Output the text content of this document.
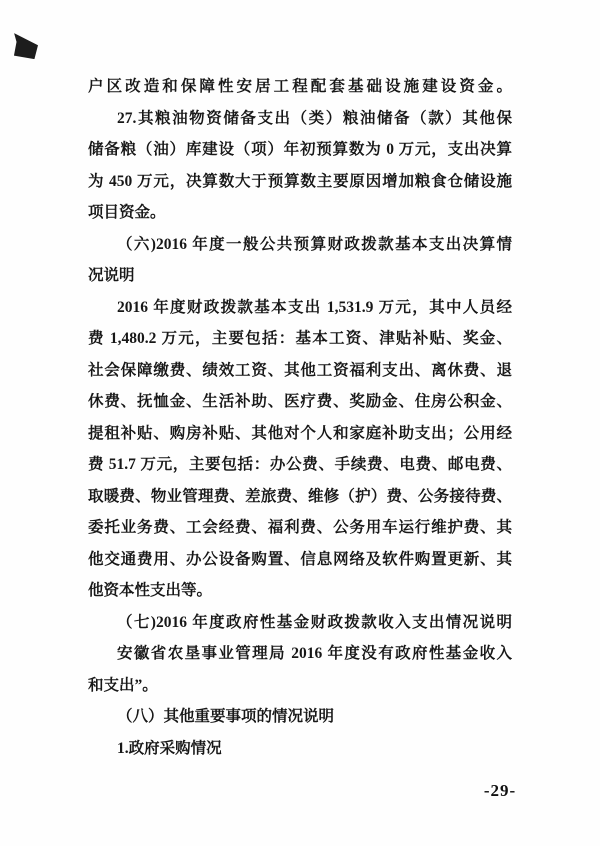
户区改造和保障性安居工程配套基础设施建设资金。
27.其粮油物资储备支出（类）粮油储备（款）其他保
储备粮（油）库建设（项）年初预算数为 0 万元，支出决算
为 450 万元，决算数大于预算数主要原因增加粮食仓储设施
项目资金。
（六)2016 年度一般公共预算财政拨款基本支出决算情
况说明
2016 年度财政拨款基本支出 1,531.9 万元，其中人员经
费 1,480.2 万元，主要包括：基本工资、津贴补贴、奖金、
社会保障缴费、绩效工资、其他工资福利支出、离休费、退
休费、抚恤金、生活补助、医疗费、奖励金、住房公积金、
提租补贴、购房补贴、其他对个人和家庭补助支出；公用经
费 51.7 万元，主要包括：办公费、手续费、电费、邮电费、
取暖费、物业管理费、差旅费、维修（护）费、公务接待费、
委托业务费、工会经费、福利费、公务用车运行维护费、其
他交通费用、办公设备购置、信息网络及软件购置更新、其
他资本性支出等。
（七)2016 年度政府性基金财政拨款收入支出情况说明
安徽省农垦事业管理局 2016 年度没有政府性基金收入
和支出”。
（八）其他重要事项的情况说明
1.政府采购情况
-29-
